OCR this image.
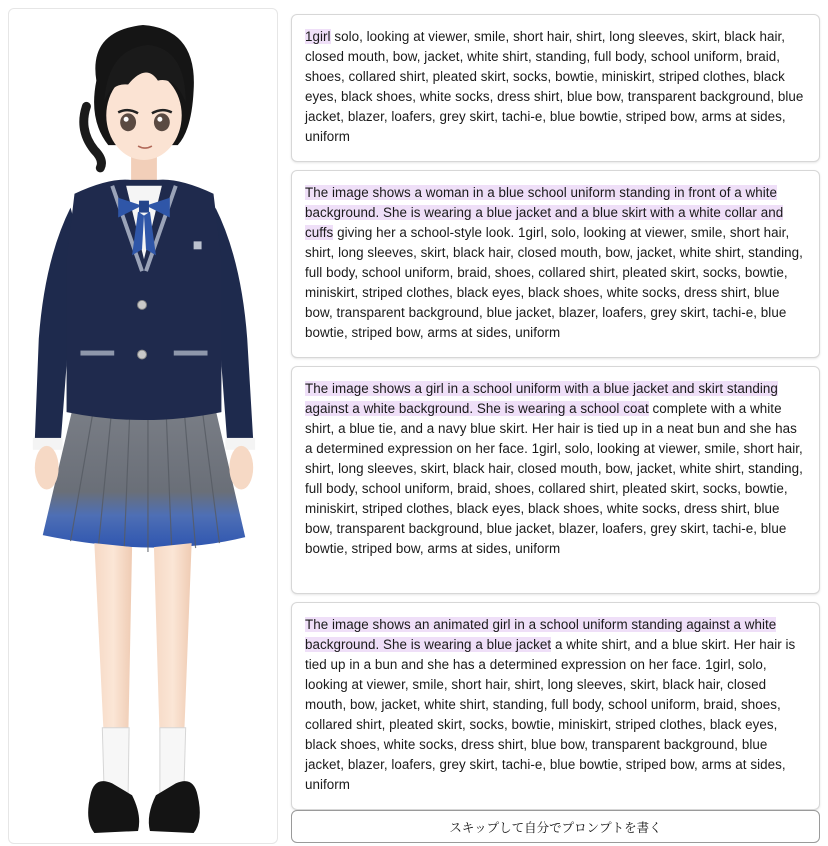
1girl solo, looking at viewer, smile, short hair, shirt, long sleeves, skirt, black hair, closed mouth, bow, jacket, white shirt, standing, full body, school uniform, braid, shoes, collared shirt, pleated skirt, socks, bowtie, miniskirt, striped clothes, black eyes, black shoes, white socks, dress shirt, blue bow, transparent background, blue jacket, blazer, loafers, grey skirt, tachi-e, blue bowtie, striped bow, arms at sides, uniform
The image shows a woman in a blue school uniform standing in front of a white background. She is wearing a blue jacket and a blue skirt with a white collar and cuffs giving her a school-style look. 1girl, solo, looking at viewer, smile, short hair, shirt, long sleeves, skirt, black hair, closed mouth, bow, jacket, white shirt, standing, full body, school uniform, braid, shoes, collared shirt, pleated skirt, socks, bowtie, miniskirt, striped clothes, black eyes, black shoes, white socks, dress shirt, blue bow, transparent background, blue jacket, blazer, loafers, grey skirt, tachi-e, blue bowtie, striped bow, arms at sides, uniform
The image shows a girl in a school uniform with a blue jacket and skirt standing against a white background. She is wearing a school coat complete with a white shirt, a blue tie, and a navy blue skirt. Her hair is tied up in a neat bun and she has a determined expression on her face. 1girl, solo, looking at viewer, smile, short hair, shirt, long sleeves, skirt, black hair, closed mouth, bow, jacket, white shirt, standing, full body, school uniform, braid, shoes, collared shirt, pleated skirt, socks, bowtie, miniskirt, striped clothes, black eyes, black shoes, white socks, dress shirt, blue bow, transparent background, blue jacket, blazer, loafers, grey skirt, tachi-e, blue bowtie, striped bow, arms at sides, uniform
The image shows an animated girl in a school uniform standing against a white background. She is wearing a blue jacket a white shirt, and a blue skirt. Her hair is tied up in a bun and she has a determined expression on her face. 1girl, solo, looking at viewer, smile, short hair, shirt, long sleeves, skirt, black hair, closed mouth, bow, jacket, white shirt, standing, full body, school uniform, braid, shoes, collared shirt, pleated skirt, socks, bowtie, miniskirt, striped clothes, black eyes, black shoes, white socks, dress shirt, blue bow, transparent background, blue jacket, blazer, loafers, grey skirt, tachi-e, blue bowtie, striped bow, arms at sides, uniform
スキップして自分でプロンプトを書く
